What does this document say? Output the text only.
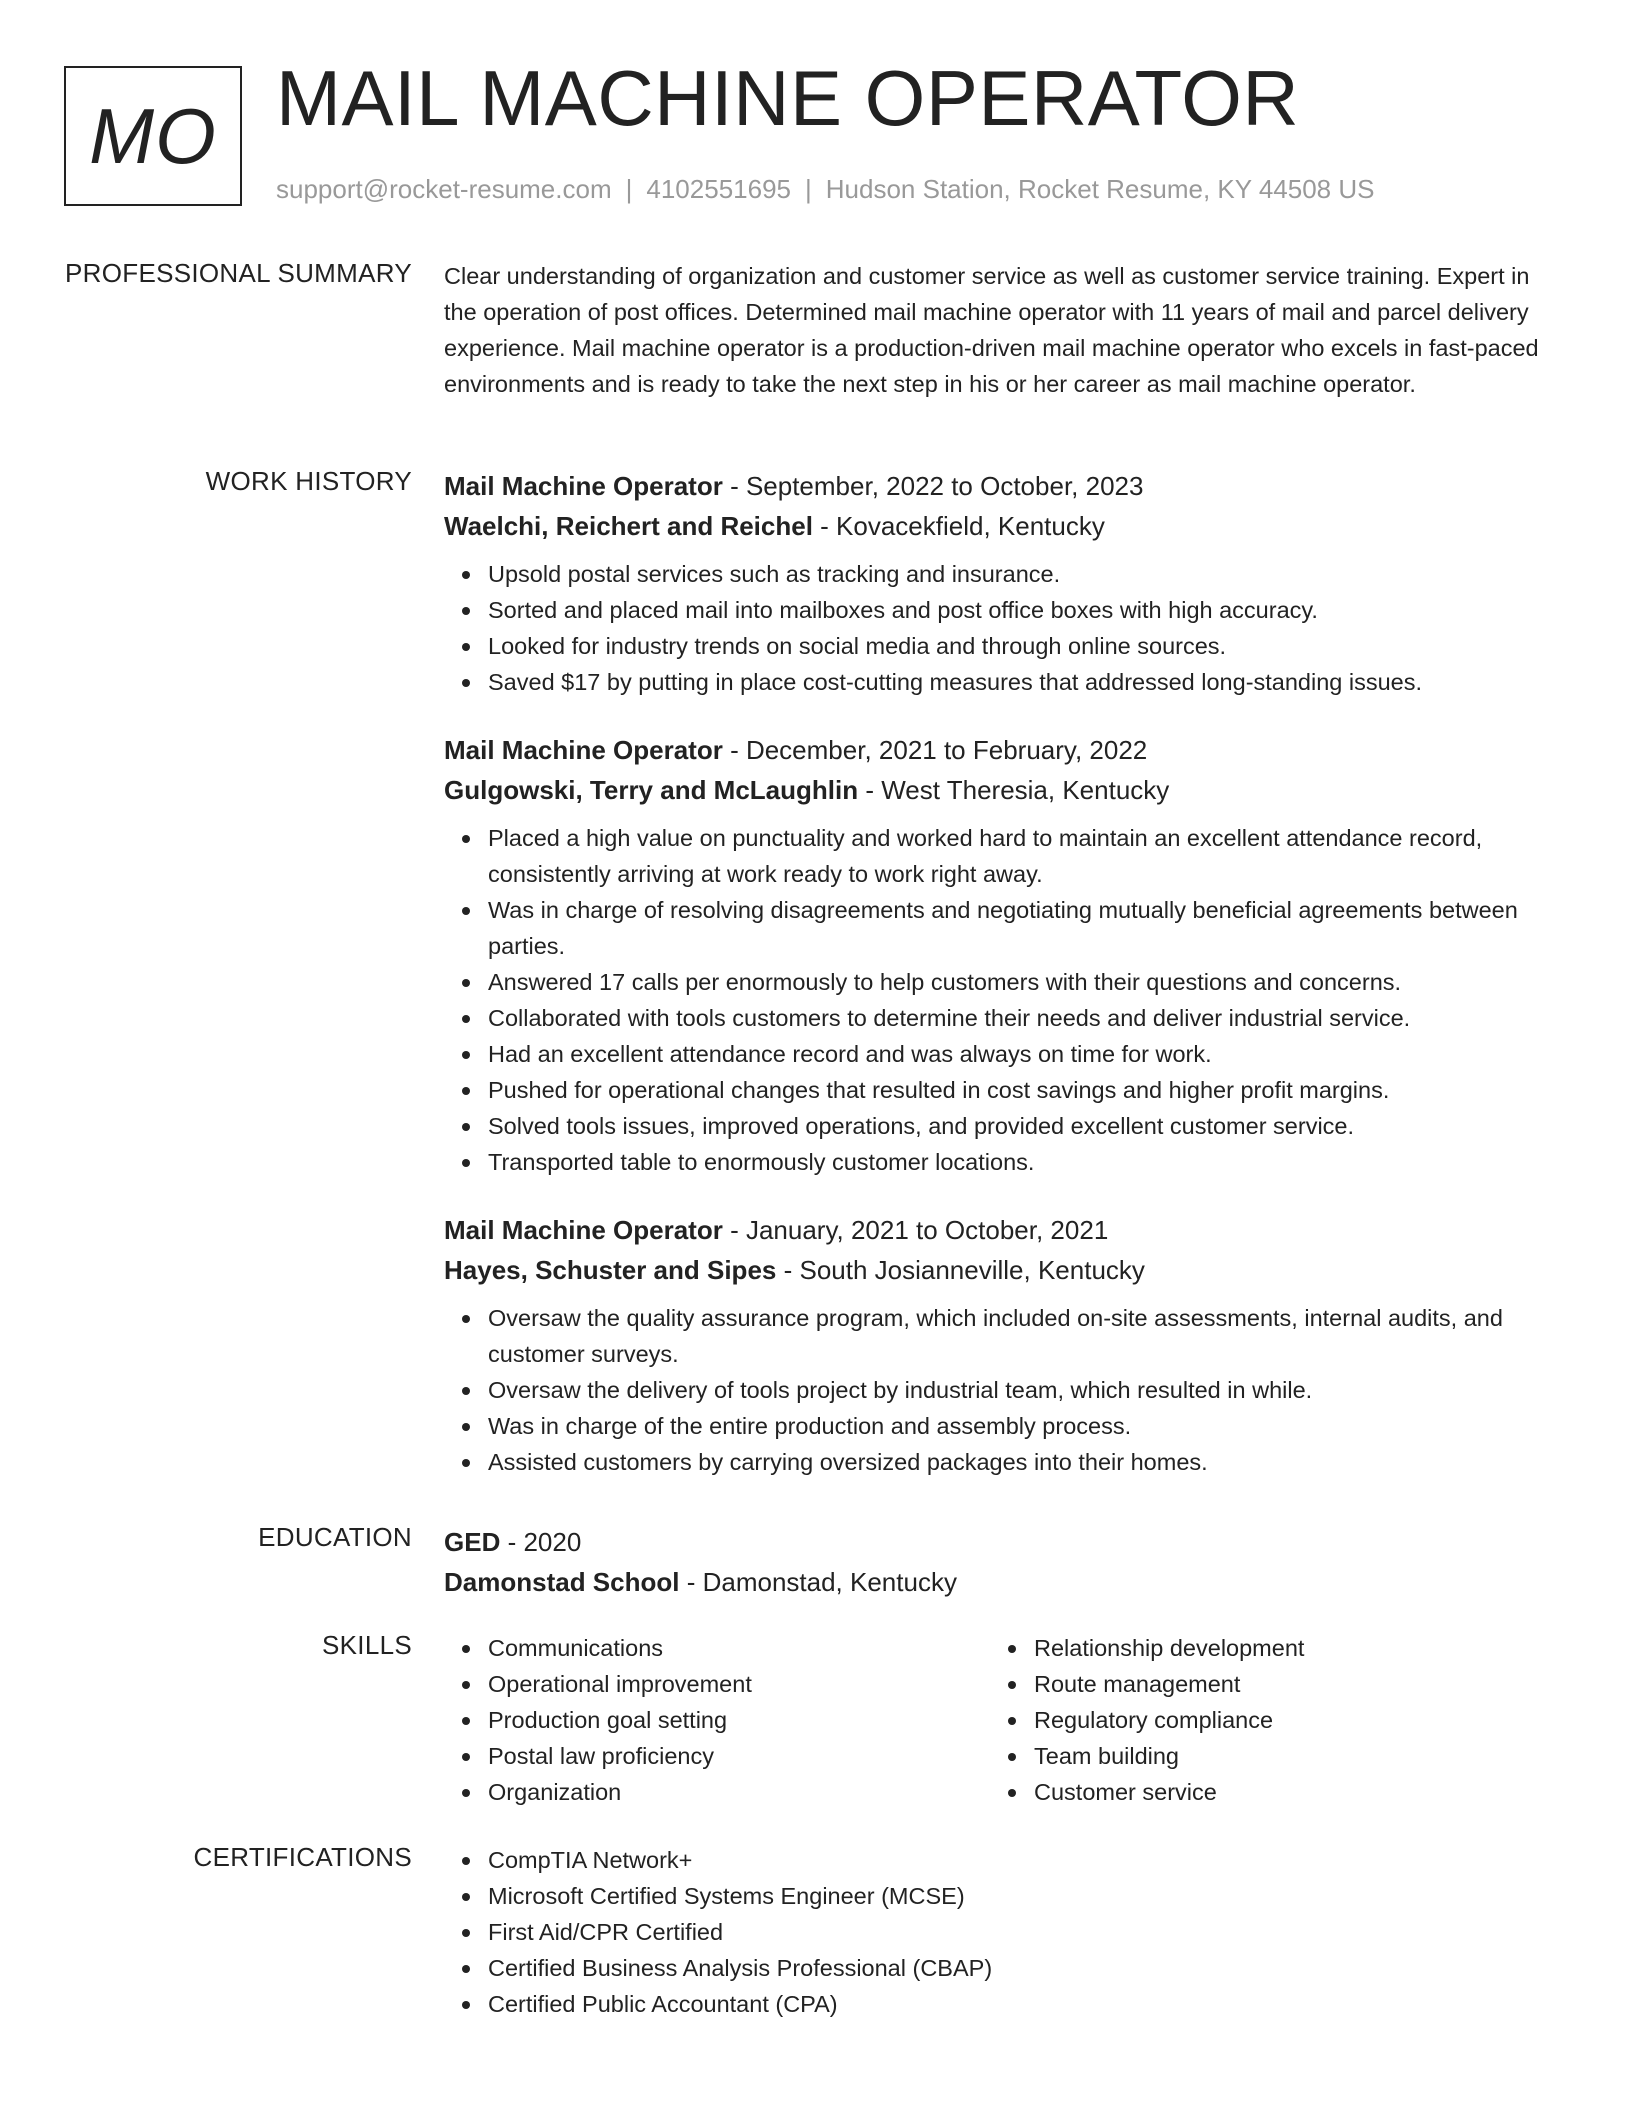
MO MAIL MACHINE OPERATOR
support@rocket-resume.com | 4102551695 | Hudson Station, Rocket Resume, KY 44508 US
PROFESSIONAL SUMMARY Clear understanding of organization and customer service as well as customer service training. Expert in the operation of post offices. Determined mail machine operator with 11 years of mail and parcel delivery experience. Mail machine operator is a production-driven mail machine operator who excels in fast-paced environments and is ready to take the next step in his or her career as mail machine operator.

WORK HISTORY Mail Machine Operator - September, 2022 to October, 2023
Waelchi, Reichert and Reichel - Kovacekfield, Kentucky
Upsold postal services such as tracking and insurance.
Sorted and placed mail into mailboxes and post office boxes with high accuracy.
Looked for industry trends on social media and through online sources.
Saved $17 by putting in place cost-cutting measures that addressed long-standing issues.
Mail Machine Operator - December, 2021 to February, 2022
Gulgowski, Terry and McLaughlin - West Theresia, Kentucky
Placed a high value on punctuality and worked hard to maintain an excellent attendance record, consistently arriving at work ready to work right away.
Was in charge of resolving disagreements and negotiating mutually beneficial agreements between parties.
Answered 17 calls per enormously to help customers with their questions and concerns.
Collaborated with tools customers to determine their needs and deliver industrial service.
Had an excellent attendance record and was always on time for work.
Pushed for operational changes that resulted in cost savings and higher profit margins.
Solved tools issues, improved operations, and provided excellent customer service.
Transported table to enormously customer locations.
Mail Machine Operator - January, 2021 to October, 2021
Hayes, Schuster and Sipes - South Josianneville, Kentucky
Oversaw the quality assurance program, which included on-site assessments, internal audits, and customer surveys.
Oversaw the delivery of tools project by industrial team, which resulted in while.
Was in charge of the entire production and assembly process.
Assisted customers by carrying oversized packages into their homes.
EDUCATION GED - 2020
Damonstad School - Damonstad, Kentucky
SKILLS	Communications
Operational improvement
Production goal setting
Postal law proficiency
Organization
Relationship development
Route management
Regulatory compliance
Team building
Customer service
CERTIFICATIONS	CompTIA Network+
Microsoft Certified Systems Engineer (MCSE)
First Aid/CPR Certified
Certified Business Analysis Professional (CBAP)
Certified Public Accountant (CPA)
